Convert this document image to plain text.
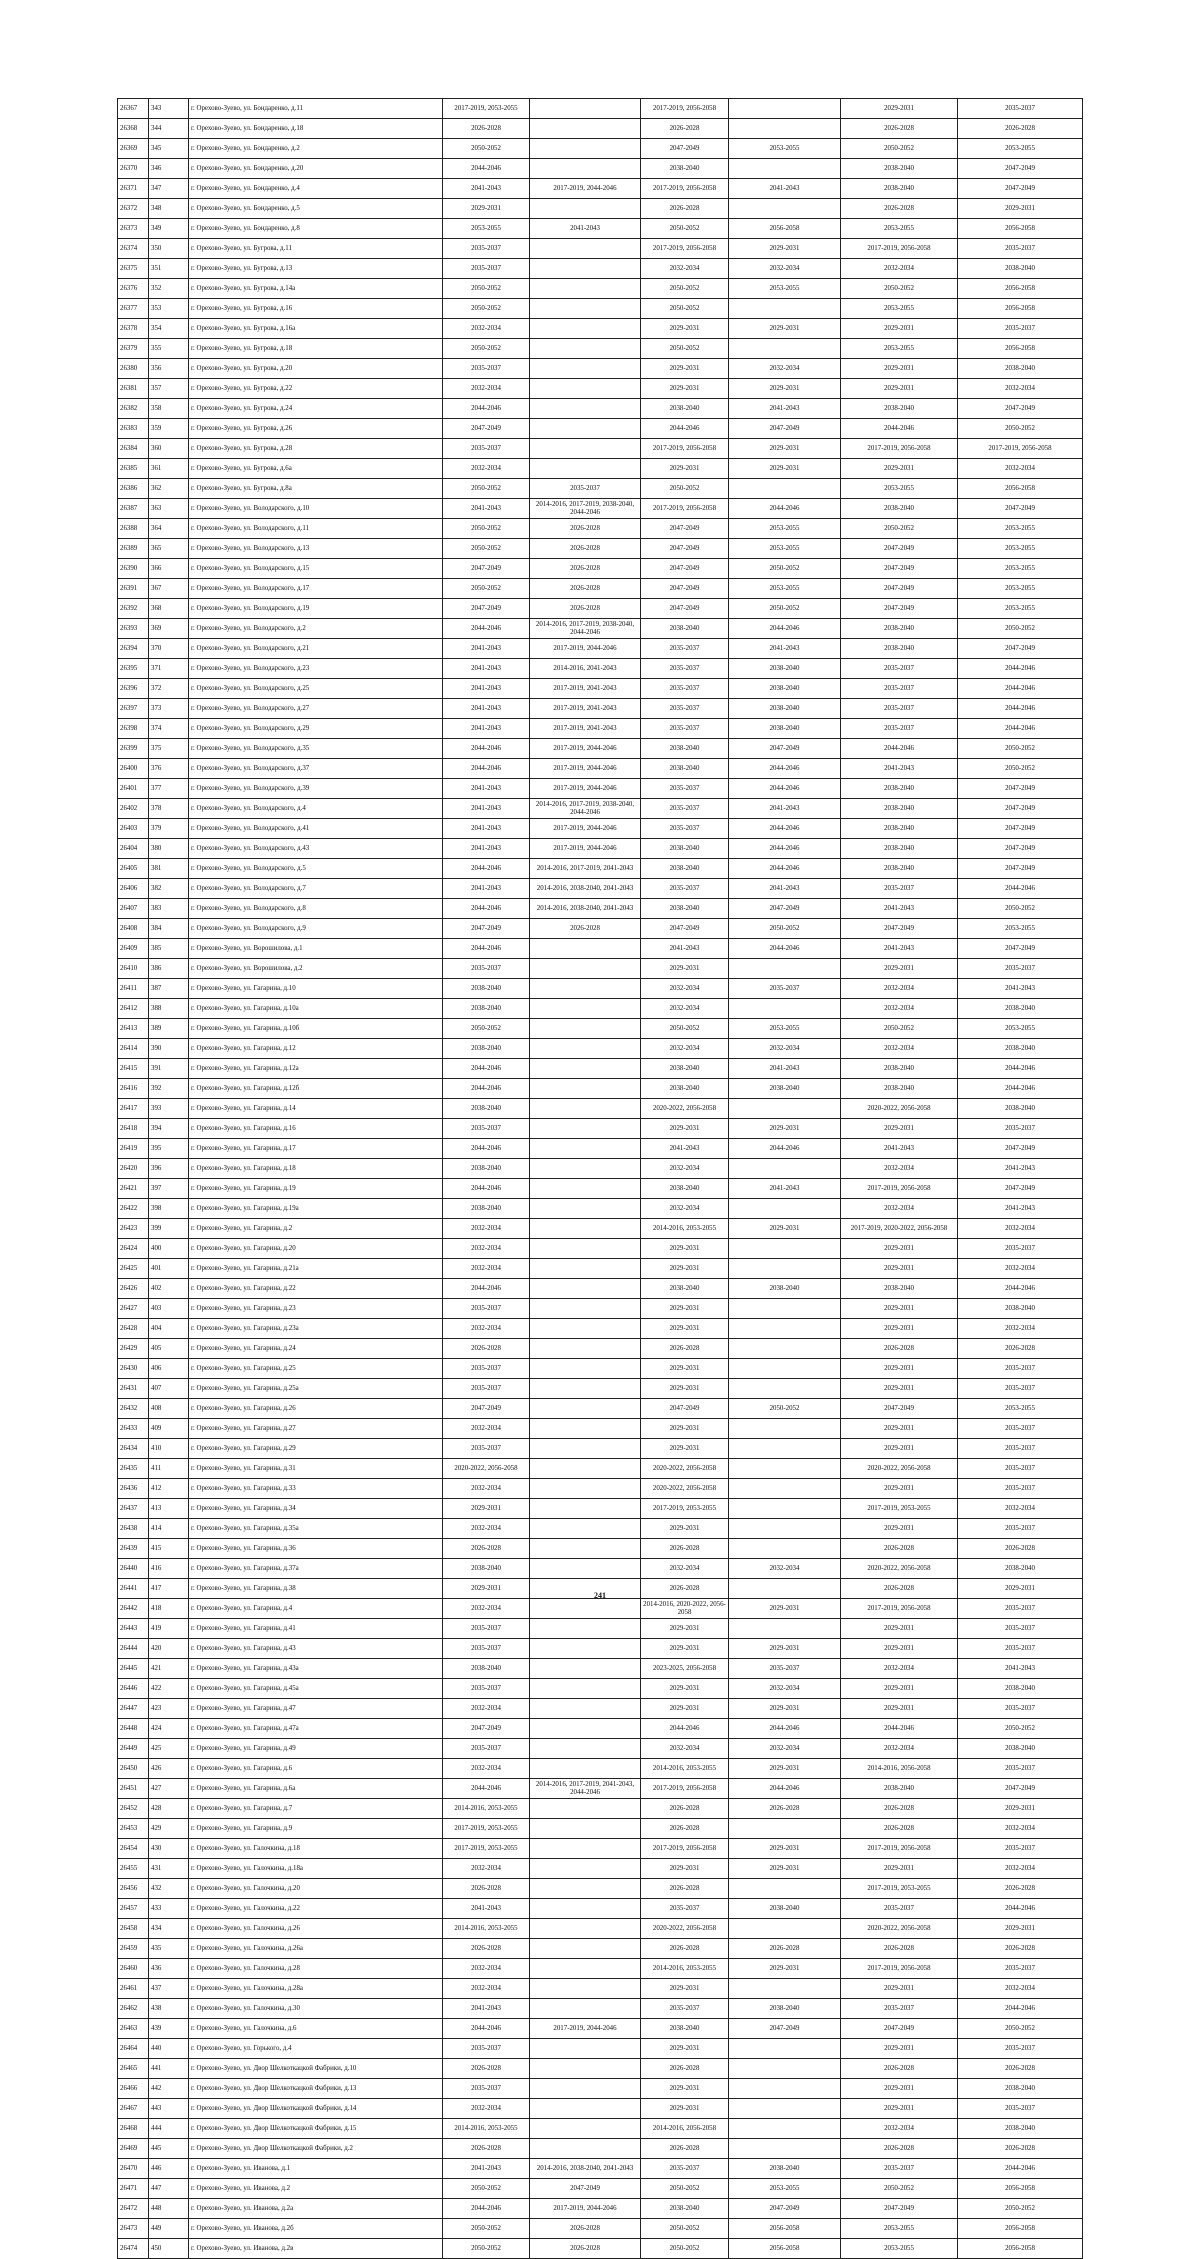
26367	343	г. Орехово-Зуево, ул. Бондаренко, д.11	2017-2019, 2053-2055		2017-2019, 2056-2058		2029-2031	2035-2037
26368	344	г. Орехово-Зуево, ул. Бондаренко, д.18	2026-2028		2026-2028		2026-2028	2026-2028
26369	345	г. Орехово-Зуево, ул. Бондаренко, д.2	2050-2052		2047-2049	2053-2055	2050-2052	2053-2055
26370	346	г. Орехово-Зуево, ул. Бондаренко, д.20	2044-2046		2038-2040		2038-2040	2047-2049
26371	347	г. Орехово-Зуево, ул. Бондаренко, д.4	2041-2043	2017-2019, 2044-2046	2017-2019, 2056-2058	2041-2043	2038-2040	2047-2049
26372	348	г. Орехово-Зуево, ул. Бондаренко, д.5	2029-2031		2026-2028		2026-2028	2029-2031
26373	349	г. Орехово-Зуево, ул. Бондаренко, д.8	2053-2055	2041-2043	2050-2052	2056-2058	2053-2055	2056-2058
26374	350	г. Орехово-Зуево, ул. Бугрова, д.11	2035-2037		2017-2019, 2056-2058	2029-2031	2017-2019, 2056-2058	2035-2037
26375	351	г. Орехово-Зуево, ул. Бугрова, д.13	2035-2037		2032-2034	2032-2034	2032-2034	2038-2040
26376	352	г. Орехово-Зуево, ул. Бугрова, д.14а	2050-2052		2050-2052	2053-2055	2050-2052	2056-2058
26377	353	г. Орехово-Зуево, ул. Бугрова, д.16	2050-2052		2050-2052		2053-2055	2056-2058
26378	354	г. Орехово-Зуево, ул. Бугрова, д.16а	2032-2034		2029-2031	2029-2031	2029-2031	2035-2037
26379	355	г. Орехово-Зуево, ул. Бугрова, д.18	2050-2052		2050-2052		2053-2055	2056-2058
26380	356	г. Орехово-Зуево, ул. Бугрова, д.20	2035-2037		2029-2031	2032-2034	2029-2031	2038-2040
26381	357	г. Орехово-Зуево, ул. Бугрова, д.22	2032-2034		2029-2031	2029-2031	2029-2031	2032-2034
26382	358	г. Орехово-Зуево, ул. Бугрова, д.24	2044-2046		2038-2040	2041-2043	2038-2040	2047-2049
26383	359	г. Орехово-Зуево, ул. Бугрова, д.26	2047-2049		2044-2046	2047-2049	2044-2046	2050-2052
26384	360	г. Орехово-Зуево, ул. Бугрова, д.28	2035-2037		2017-2019, 2056-2058	2029-2031	2017-2019, 2056-2058	2017-2019, 2056-2058
26385	361	г. Орехово-Зуево, ул. Бугрова, д.6а	2032-2034		2029-2031	2029-2031	2029-2031	2032-2034
26386	362	г. Орехово-Зуево, ул. Бугрова, д.8а	2050-2052	2035-2037	2050-2052		2053-2055	2056-2058
26387	363	г. Орехово-Зуево, ул. Володарского, д.10	2041-2043	2014-2016, 2017-2019, 2038-2040, 2044-2046	2017-2019, 2056-2058	2044-2046	2038-2040	2047-2049
26388	364	г. Орехово-Зуево, ул. Володарского, д.11	2050-2052	2026-2028	2047-2049	2053-2055	2050-2052	2053-2055
26389	365	г. Орехово-Зуево, ул. Володарского, д.13	2050-2052	2026-2028	2047-2049	2053-2055	2047-2049	2053-2055
26390	366	г. Орехово-Зуево, ул. Володарского, д.15	2047-2049	2026-2028	2047-2049	2050-2052	2047-2049	2053-2055
26391	367	г. Орехово-Зуево, ул. Володарского, д.17	2050-2052	2026-2028	2047-2049	2053-2055	2047-2049	2053-2055
26392	368	г. Орехово-Зуево, ул. Володарского, д.19	2047-2049	2026-2028	2047-2049	2050-2052	2047-2049	2053-2055
26393	369	г. Орехово-Зуево, ул. Володарского, д.2	2044-2046	2014-2016, 2017-2019, 2038-2040, 2044-2046	2038-2040	2044-2046	2038-2040	2050-2052
26394	370	г. Орехово-Зуево, ул. Володарского, д.21	2041-2043	2017-2019, 2044-2046	2035-2037	2041-2043	2038-2040	2047-2049
26395	371	г. Орехово-Зуево, ул. Володарского, д.23	2041-2043	2014-2016, 2041-2043	2035-2037	2038-2040	2035-2037	2044-2046
26396	372	г. Орехово-Зуево, ул. Володарского, д.25	2041-2043	2017-2019, 2041-2043	2035-2037	2038-2040	2035-2037	2044-2046
26397	373	г. Орехово-Зуево, ул. Володарского, д.27	2041-2043	2017-2019, 2041-2043	2035-2037	2038-2040	2035-2037	2044-2046
26398	374	г. Орехово-Зуево, ул. Володарского, д.29	2041-2043	2017-2019, 2041-2043	2035-2037	2038-2040	2035-2037	2044-2046
26399	375	г. Орехово-Зуево, ул. Володарского, д.35	2044-2046	2017-2019, 2044-2046	2038-2040	2047-2049	2044-2046	2050-2052
26400	376	г. Орехово-Зуево, ул. Володарского, д.37	2044-2046	2017-2019, 2044-2046	2038-2040	2044-2046	2041-2043	2050-2052
26401	377	г. Орехово-Зуево, ул. Володарского, д.39	2041-2043	2017-2019, 2044-2046	2035-2037	2044-2046	2038-2040	2047-2049
26402	378	г. Орехово-Зуево, ул. Володарского, д.4	2041-2043	2014-2016, 2017-2019, 2038-2040, 2044-2046	2035-2037	2041-2043	2038-2040	2047-2049
26403	379	г. Орехово-Зуево, ул. Володарского, д.41	2041-2043	2017-2019, 2044-2046	2035-2037	2044-2046	2038-2040	2047-2049
26404	380	г. Орехово-Зуево, ул. Володарского, д.43	2041-2043	2017-2019, 2044-2046	2038-2040	2044-2046	2038-2040	2047-2049
26405	381	г. Орехово-Зуево, ул. Володарского, д.5	2044-2046	2014-2016, 2017-2019, 2041-2043	2038-2040	2044-2046	2038-2040	2047-2049
26406	382	г. Орехово-Зуево, ул. Володарского, д.7	2041-2043	2014-2016, 2038-2040, 2041-2043	2035-2037	2041-2043	2035-2037	2044-2046
26407	383	г. Орехово-Зуево, ул. Володарского, д.8	2044-2046	2014-2016, 2038-2040, 2041-2043	2038-2040	2047-2049	2041-2043	2050-2052
26408	384	г. Орехово-Зуево, ул. Володарского, д.9	2047-2049	2026-2028	2047-2049	2050-2052	2047-2049	2053-2055
26409	385	г. Орехово-Зуево, ул. Ворошилова, д.1	2044-2046		2041-2043	2044-2046	2041-2043	2047-2049
26410	386	г. Орехово-Зуево, ул. Ворошилова, д.2	2035-2037		2029-2031		2029-2031	2035-2037
26411	387	г. Орехово-Зуево, ул. Гагарина, д.10	2038-2040		2032-2034	2035-2037	2032-2034	2041-2043
26412	388	г. Орехово-Зуево, ул. Гагарина, д.10а	2038-2040		2032-2034		2032-2034	2038-2040
26413	389	г. Орехово-Зуево, ул. Гагарина, д.10б	2050-2052		2050-2052	2053-2055	2050-2052	2053-2055
26414	390	г. Орехово-Зуево, ул. Гагарина, д.12	2038-2040		2032-2034	2032-2034	2032-2034	2038-2040
26415	391	г. Орехово-Зуево, ул. Гагарина, д.12а	2044-2046		2038-2040	2041-2043	2038-2040	2044-2046
26416	392	г. Орехово-Зуево, ул. Гагарина, д.12б	2044-2046		2038-2040	2038-2040	2038-2040	2044-2046
26417	393	г. Орехово-Зуево, ул. Гагарина, д.14	2038-2040		2020-2022, 2056-2058		2020-2022, 2056-2058	2038-2040
26418	394	г. Орехово-Зуево, ул. Гагарина, д.16	2035-2037		2029-2031	2029-2031	2029-2031	2035-2037
26419	395	г. Орехово-Зуево, ул. Гагарина, д.17	2044-2046		2041-2043	2044-2046	2041-2043	2047-2049
26420	396	г. Орехово-Зуево, ул. Гагарина, д.18	2038-2040		2032-2034		2032-2034	2041-2043
26421	397	г. Орехово-Зуево, ул. Гагарина, д.19	2044-2046		2038-2040	2041-2043	2017-2019, 2056-2058	2047-2049
26422	398	г. Орехово-Зуево, ул. Гагарина, д.19а	2038-2040		2032-2034		2032-2034	2041-2043
26423	399	г. Орехово-Зуево, ул. Гагарина, д.2	2032-2034		2014-2016, 2053-2055	2029-2031	2017-2019, 2020-2022, 2056-2058	2032-2034
26424	400	г. Орехово-Зуево, ул. Гагарина, д.20	2032-2034		2029-2031		2029-2031	2035-2037
26425	401	г. Орехово-Зуево, ул. Гагарина, д.21а	2032-2034		2029-2031		2029-2031	2032-2034
26426	402	г. Орехово-Зуево, ул. Гагарина, д.22	2044-2046		2038-2040	2038-2040	2038-2040	2044-2046
26427	403	г. Орехово-Зуево, ул. Гагарина, д.23	2035-2037		2029-2031		2029-2031	2038-2040
26428	404	г. Орехово-Зуево, ул. Гагарина, д.23а	2032-2034		2029-2031		2029-2031	2032-2034
26429	405	г. Орехово-Зуево, ул. Гагарина, д.24	2026-2028		2026-2028		2026-2028	2026-2028
26430	406	г. Орехово-Зуево, ул. Гагарина, д.25	2035-2037		2029-2031		2029-2031	2035-2037
26431	407	г. Орехово-Зуево, ул. Гагарина, д.25а	2035-2037		2029-2031		2029-2031	2035-2037
26432	408	г. Орехово-Зуево, ул. Гагарина, д.26	2047-2049		2047-2049	2050-2052	2047-2049	2053-2055
26433	409	г. Орехово-Зуево, ул. Гагарина, д.27	2032-2034		2029-2031		2029-2031	2035-2037
26434	410	г. Орехово-Зуево, ул. Гагарина, д.29	2035-2037		2029-2031		2029-2031	2035-2037
26435	411	г. Орехово-Зуево, ул. Гагарина, д.31	2020-2022, 2056-2058		2020-2022, 2056-2058		2020-2022, 2056-2058	2035-2037
26436	412	г. Орехово-Зуево, ул. Гагарина, д.33	2032-2034		2020-2022, 2056-2058		2029-2031	2035-2037
26437	413	г. Орехово-Зуево, ул. Гагарина, д.34	2029-2031		2017-2019, 2053-2055		2017-2019, 2053-2055	2032-2034
26438	414	г. Орехово-Зуево, ул. Гагарина, д.35а	2032-2034		2029-2031		2029-2031	2035-2037
26439	415	г. Орехово-Зуево, ул. Гагарина, д.36	2026-2028		2026-2028		2026-2028	2026-2028
26440	416	г. Орехово-Зуево, ул. Гагарина, д.37а	2038-2040		2032-2034	2032-2034	2020-2022, 2056-2058	2038-2040
26441	417	г. Орехово-Зуево, ул. Гагарина, д.38	2029-2031		2026-2028		2026-2028	2029-2031
26442	418	г. Орехово-Зуево, ул. Гагарина, д.4	2032-2034		2014-2016, 2020-2022, 2056-2058	2029-2031	2017-2019, 2056-2058	2035-2037
26443	419	г. Орехово-Зуево, ул. Гагарина, д.41	2035-2037		2029-2031		2029-2031	2035-2037
26444	420	г. Орехово-Зуево, ул. Гагарина, д.43	2035-2037		2029-2031	2029-2031	2029-2031	2035-2037
26445	421	г. Орехово-Зуево, ул. Гагарина, д.43а	2038-2040		2023-2025, 2056-2058	2035-2037	2032-2034	2041-2043
26446	422	г. Орехово-Зуево, ул. Гагарина, д.45а	2035-2037		2029-2031	2032-2034	2029-2031	2038-2040
26447	423	г. Орехово-Зуево, ул. Гагарина, д.47	2032-2034		2029-2031	2029-2031	2029-2031	2035-2037
26448	424	г. Орехово-Зуево, ул. Гагарина, д.47а	2047-2049		2044-2046	2044-2046	2044-2046	2050-2052
26449	425	г. Орехово-Зуево, ул. Гагарина, д.49	2035-2037		2032-2034	2032-2034	2032-2034	2038-2040
26450	426	г. Орехово-Зуево, ул. Гагарина, д.6	2032-2034		2014-2016, 2053-2055	2029-2031	2014-2016, 2056-2058	2035-2037
26451	427	г. Орехово-Зуево, ул. Гагарина, д.6а	2044-2046	2014-2016, 2017-2019, 2041-2043, 2044-2046	2017-2019, 2056-2058	2044-2046	2038-2040	2047-2049
26452	428	г. Орехово-Зуево, ул. Гагарина, д.7	2014-2016, 2053-2055		2026-2028	2026-2028	2026-2028	2029-2031
26453	429	г. Орехово-Зуево, ул. Гагарина, д.9	2017-2019, 2053-2055		2026-2028		2026-2028	2032-2034
26454	430	г. Орехово-Зуево, ул. Галочкина, д.18	2017-2019, 2053-2055		2017-2019, 2056-2058	2029-2031	2017-2019, 2056-2058	2035-2037
26455	431	г. Орехово-Зуево, ул. Галочкина, д.18а	2032-2034		2029-2031	2029-2031	2029-2031	2032-2034
26456	432	г. Орехово-Зуево, ул. Галочкина, д.20	2026-2028		2026-2028		2017-2019, 2053-2055	2026-2028
26457	433	г. Орехово-Зуево, ул. Галочкина, д.22	2041-2043		2035-2037	2038-2040	2035-2037	2044-2046
26458	434	г. Орехово-Зуево, ул. Галочкина, д.26	2014-2016, 2053-2055		2020-2022, 2056-2058		2020-2022, 2056-2058	2029-2031
26459	435	г. Орехово-Зуево, ул. Галочкина, д.26а	2026-2028		2026-2028	2026-2028	2026-2028	2026-2028
26460	436	г. Орехово-Зуево, ул. Галочкина, д.28	2032-2034		2014-2016, 2053-2055	2029-2031	2017-2019, 2056-2058	2035-2037
26461	437	г. Орехово-Зуево, ул. Галочкина, д.28а	2032-2034		2029-2031		2029-2031	2032-2034
26462	438	г. Орехово-Зуево, ул. Галочкина, д.30	2041-2043		2035-2037	2038-2040	2035-2037	2044-2046
26463	439	г. Орехово-Зуево, ул. Галочкина, д.6	2044-2046	2017-2019, 2044-2046	2038-2040	2047-2049	2047-2049	2050-2052
26464	440	г. Орехово-Зуево, ул. Горького, д.4	2035-2037		2029-2031		2029-2031	2035-2037
26465	441	г. Орехово-Зуево, ул. Двор Шелкоткацкой Фабрики, д.10	2026-2028		2026-2028		2026-2028	2026-2028
26466	442	г. Орехово-Зуево, ул. Двор Шелкоткацкой Фабрики, д.13	2035-2037		2029-2031		2029-2031	2038-2040
26467	443	г. Орехово-Зуево, ул. Двор Шелкоткацкой Фабрики, д.14	2032-2034		2029-2031		2029-2031	2035-2037
26468	444	г. Орехово-Зуево, ул. Двор Шелкоткацкой Фабрики, д.15	2014-2016, 2053-2055		2014-2016, 2056-2058		2032-2034	2038-2040
26469	445	г. Орехово-Зуево, ул. Двор Шелкоткацкой Фабрики, д.2	2026-2028		2026-2028		2026-2028	2026-2028
26470	446	г. Орехово-Зуево, ул. Иванова, д.1	2041-2043	2014-2016, 2038-2040, 2041-2043	2035-2037	2038-2040	2035-2037	2044-2046
26471	447	г. Орехово-Зуево, ул. Иванова, д.2	2050-2052	2047-2049	2050-2052	2053-2055	2050-2052	2056-2058
26472	448	г. Орехово-Зуево, ул. Иванова, д.2а	2044-2046	2017-2019, 2044-2046	2038-2040	2047-2049	2047-2049	2050-2052
26473	449	г. Орехово-Зуево, ул. Иванова, д.2б	2050-2052	2026-2028	2050-2052	2056-2058	2053-2055	2056-2058
26474	450	г. Орехово-Зуево, ул. Иванова, д.2в	2050-2052	2026-2028	2050-2052	2056-2058	2053-2055	2056-2058
241
